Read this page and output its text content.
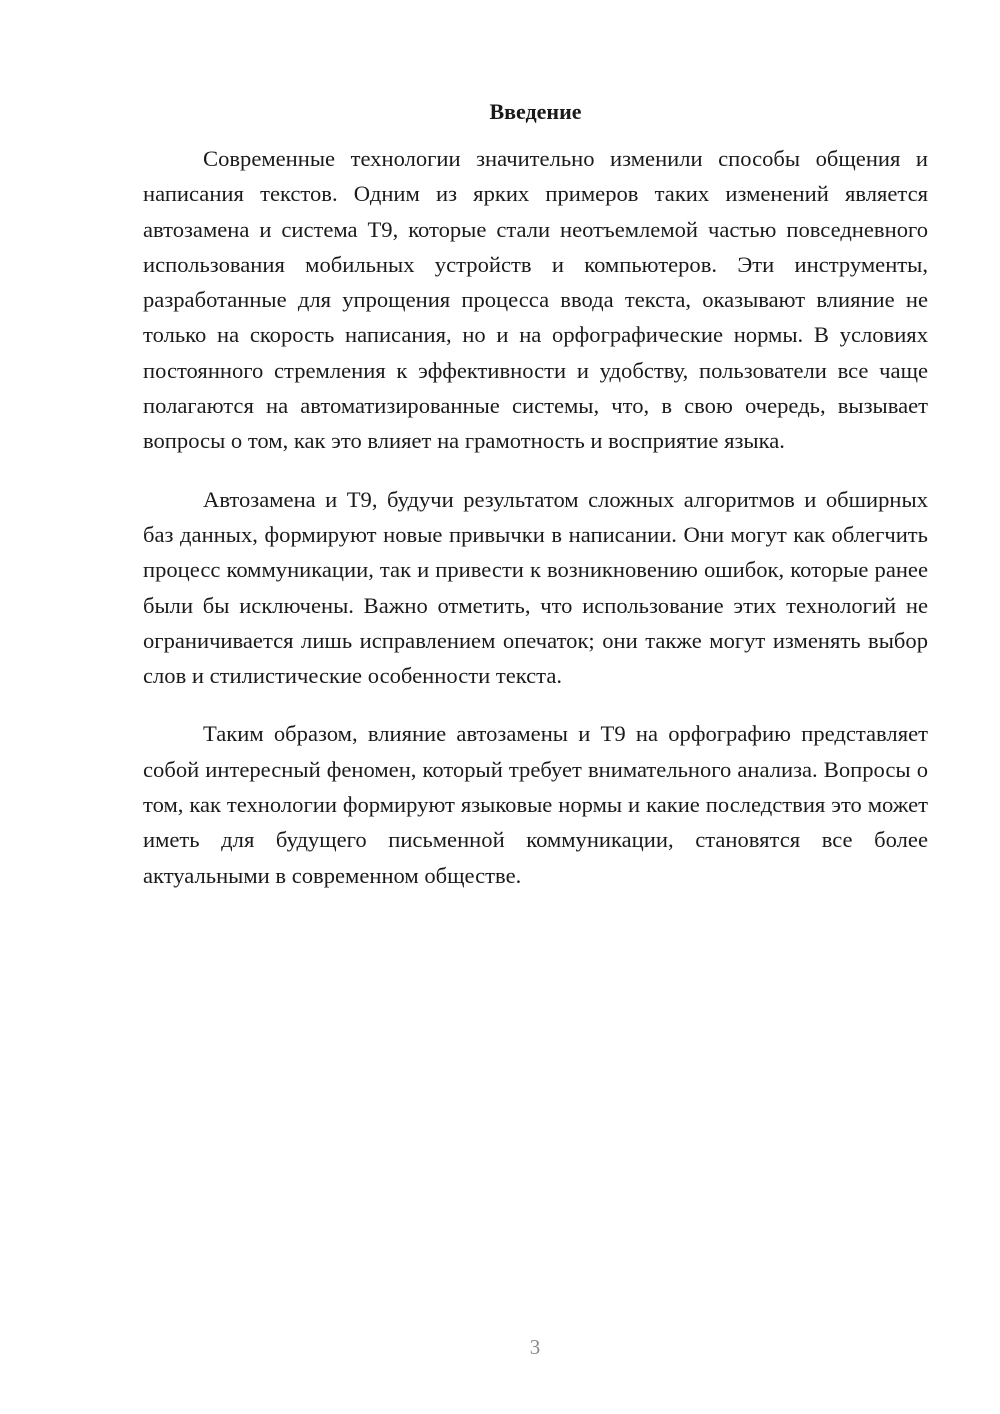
Введение

Современные технологии значительно изменили способы общения и написания текстов. Одним из ярких примеров таких изменений является автозамена и система T9, которые стали неотъемлемой частью повседневного использования мобильных устройств и компьютеров. Эти инструменты, разработанные для упрощения процесса ввода текста, оказывают влияние не только на скорость написания, но и на орфографические нормы. В условиях постоянного стремления к эффективности и удобству, пользователи все чаще полагаются на автоматизированные системы, что, в свою очередь, вызывает вопросы о том, как это влияет на грамотность и восприятие языка.

Автозамена и T9, будучи результатом сложных алгоритмов и обширных баз данных, формируют новые привычки в написании. Они могут как облегчить процесс коммуникации, так и привести к возникновению ошибок, которые ранее были бы исключены. Важно отметить, что использование этих технологий не ограничивается лишь исправлением опечаток; они также могут изменять выбор слов и стилистические особенности текста.

Таким образом, влияние автозамены и T9 на орфографию представляет собой интересный феномен, который требует внимательного анализа. Вопросы о том, как технологии формируют языковые нормы и какие последствия это может иметь для будущего письменной коммуникации, становятся все более актуальными в современном обществе.

3
